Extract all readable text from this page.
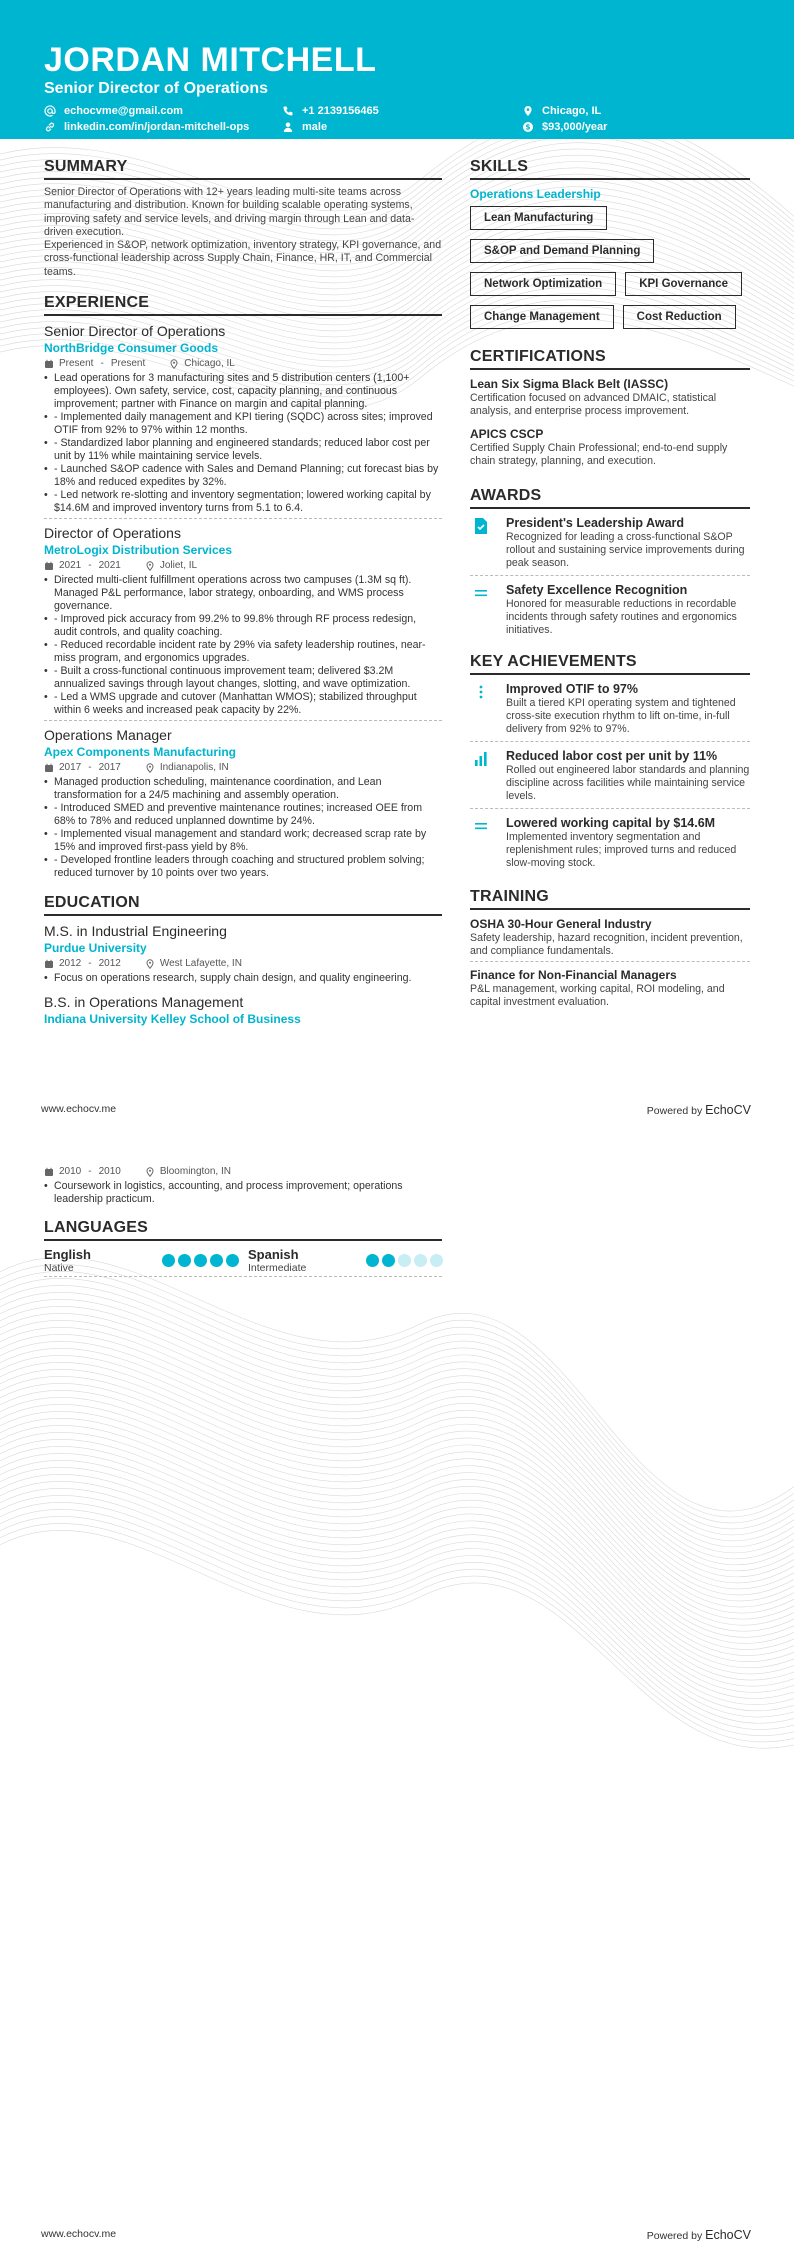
JORDAN MITCHELL
Senior Director of Operations
echocvme@gmail.com	+1 2139156465	Chicago, IL
linkedin.com/in/jordan-mitchell-ops	male	$ $93,000/year
SUMMARY
Senior Director of Operations with 12+ years leading multi-site teams across manufacturing and distribution. Known for building scalable operating systems, improving safety and service levels, and driving margin through Lean and data-driven execution.
Experienced in S&OP, network optimization, inventory strategy, KPI governance, and cross-functional leadership across Supply Chain, Finance, HR, IT, and Commercial teams.
EXPERIENCE
Senior Director of Operations
NorthBridge Consumer Goods
Present - Present	Chicago, IL
• Lead operations for 3 manufacturing sites and 5 distribution centers (1,100+ employees). Own safety, service, cost, capacity planning, and continuous improvement; partner with Finance on margin and capital planning.
• - Implemented daily management and KPI tiering (SQDC) across sites; improved OTIF from 92% to 97% within 12 months.
• - Standardized labor planning and engineered standards; reduced labor cost per unit by 11% while maintaining service levels.
• - Launched S&OP cadence with Sales and Demand Planning; cut forecast bias by 18% and reduced expedites by 32%.
• - Led network re-slotting and inventory segmentation; lowered working capital by $14.6M and improved inventory turns from 5.1 to 6.4.
Director of Operations
MetroLogix Distribution Services
2021 - 2021	Joliet, IL
• Directed multi-client fulfillment operations across two campuses (1.3M sq ft). Managed P&L performance, labor strategy, onboarding, and WMS process governance.
• - Improved pick accuracy from 99.2% to 99.8% through RF process redesign, audit controls, and quality coaching.
• - Reduced recordable incident rate by 29% via safety leadership routines, near-miss program, and ergonomics upgrades.
• - Built a cross-functional continuous improvement team; delivered $3.2M annualized savings through layout changes, slotting, and wave optimization.
• - Led a WMS upgrade and cutover (Manhattan WMOS); stabilized throughput within 6 weeks and increased peak capacity by 22%.
Operations Manager
Apex Components Manufacturing
2017 - 2017	Indianapolis, IN
• Managed production scheduling, maintenance coordination, and Lean transformation for a 24/5 machining and assembly operation.
• - Introduced SMED and preventive maintenance routines; increased OEE from 68% to 78% and reduced unplanned downtime by 24%.
• - Implemented visual management and standard work; decreased scrap rate by 15% and improved first-pass yield by 8%.
• - Developed frontline leaders through coaching and structured problem solving; reduced turnover by 10 points over two years.
EDUCATION
M.S. in Industrial Engineering
Purdue University
2012 - 2012	West Lafayette, IN
• Focus on operations research, supply chain design, and quality engineering.
B.S. in Operations Management
Indiana University Kelley School of Business
SKILLS
Operations Leadership
Lean Manufacturing
S&OP and Demand Planning
Network Optimization	KPI Governance
Change Management	Cost Reduction
CERTIFICATIONS
Lean Six Sigma Black Belt (IASSC)
Certification focused on advanced DMAIC, statistical analysis, and enterprise process improvement.
APICS CSCP
Certified Supply Chain Professional; end-to-end supply chain strategy, planning, and execution.
AWARDS
President's Leadership Award
Recognized for leading a cross-functional S&OP rollout and sustaining service improvements during peak season.
Safety Excellence Recognition
Honored for measurable reductions in recordable incidents through safety routines and ergonomics initiatives.
KEY ACHIEVEMENTS
Improved OTIF to 97%
Built a tiered KPI operating system and tightened cross-site execution rhythm to lift on-time, in-full delivery from 92% to 97%.
Reduced labor cost per unit by 11%
Rolled out engineered labor standards and planning discipline across facilities while maintaining service levels.
Lowered working capital by $14.6M
Implemented inventory segmentation and replenishment rules; improved turns and reduced slow-moving stock.
TRAINING
OSHA 30-Hour General Industry
Safety leadership, hazard recognition, incident prevention, and compliance fundamentals.
Finance for Non-Financial Managers
P&L management, working capital, ROI modeling, and capital investment evaluation.
www.echocv.me	Powered by EchoCV
2010 - 2010	Bloomington, IN
• Coursework in logistics, accounting, and process improvement; operations leadership practicum.
LANGUAGES
English
Native
Spanish
Intermediate
www.echocv.me	Powered by EchoCV
